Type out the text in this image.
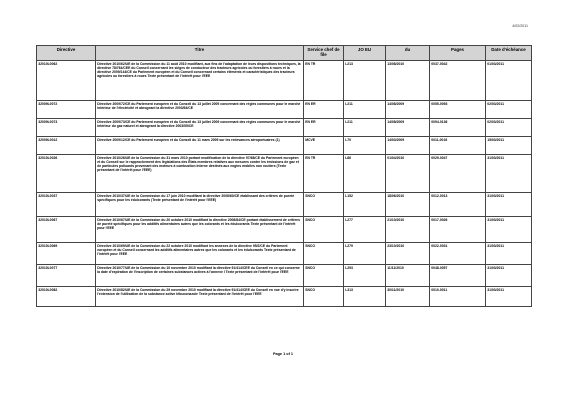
4/02/2011
Directive	Titre	Service chef de file	JO EU	du	Pages	Date d'échéance
32010L0062	Directive 2010/62/UE de la Commission du 11 août 2010 modifiant, aux fins de l'adaptation de leurs dispositions techniques, la directive 78/764/CEE du Conseil concernant les sièges de conducteur des tracteurs agricoles ou forestiers à roues et la directive 2009/144/CE du Parlement européen et du Conseil concernant certains éléments et caractéristiques des tracteurs agricoles ou forestiers à roues Texte présentant de l'intérêt pour l'EEE	EN TR	L213	13/08/2010	0037-0042	01/03/2011
32009L0072	Directive 2009/72/CE du Parlement européen et du Conseil du 13 juillet 2009 concernant des règles communes pour le marché intérieur de l'électricité et abrogeant la directive 2003/54/CE	EN ER	L211	14/08/2009	0055-0093	02/03/2011
32009L0073	Directive 2009/73/CE du Parlement européen et du Conseil du 13 juillet 2009 concernant des règles communes pour le marché intérieur du gaz naturel et abrogeant la directive 2003/55/CE	EN ER	L211	14/08/2009	0094-0136	02/03/2011
32009L0012	Directive 2009/12/CE du Parlement européen et du Conseil du 11 mars 2009 sur les redevances aéroportuaires (1)	MCVE	L70	14/03/2009	0011-0016	15/03/2011
32010L0026	Directive 2010/26/UE de la Commission du 31 mars 2010 portant modification de la directive 97/68/CE du Parlement européen et du Conseil sur le rapprochement des législations des États membres relatives aux mesures contre les émissions de gaz et de particules polluants provenant des moteurs à combustion interne destinés aux engins mobiles non routiers (Texte présentant de l'intérêt pour l'EEE)	EN TR	L86	01/04/2010	0029-0047	31/03/2011
32010L0037	Directive 2010/37/UE de la Commission du 17 juin 2010 modifiant la directive 2008/60/CE établissant des critères de pureté spécifiques pour les édulcorants (Texte présentant de l'intérêt pour l'EEE)	SNCO	L152	18/06/2010	0012-0013	31/03/2011
32010L0067	Directive 2010/67/UE de la Commission du 20 octobre 2010 modifiant la directive 2008/84/CE portant établissement de critères de pureté spécifiques pour les additifs alimentaires autres que les colorants et les édulcorants Texte présentant de l'intérêt pour l'EEE	SNCO	L277	21/10/2010	0017-0026	31/03/2011
32010L0069	Directive 2010/69/UE de la Commission du 22 octobre 2010 modifiant les annexes de la directive 95/2/CE du Parlement européen et du Conseil concernant les additifs alimentaires autres que les colorants et les édulcorants Texte présentant de l'intérêt pour l'EEE	SNCO	L279	23/10/2010	0022-0031	31/03/2011
32010L0077	Directive 2010/77/UE de la Commission du 10 novembre 2010 modifiant la directive 91/414/CEE du Conseil en ce qui concerne la date d'expiration de l'inscription de certaines substances actives à l'annexe I Texte présentant de l'intérêt pour l'EEE	SNCO	L293	11/11/2010	0048-0057	31/03/2011
32010L0082	Directive 2010/82/UE de la Commission du 29 novembre 2010 modifiant la directive 91/414/CEE du Conseil en vue d'y inscrire l'extension de l'utilisation de la substance active tébuconazole Texte présentant de l'intérêt pour l'EEE	SNCO	L313	30/11/2010	0010-0011	31/03/2011
Page 1 of 1
